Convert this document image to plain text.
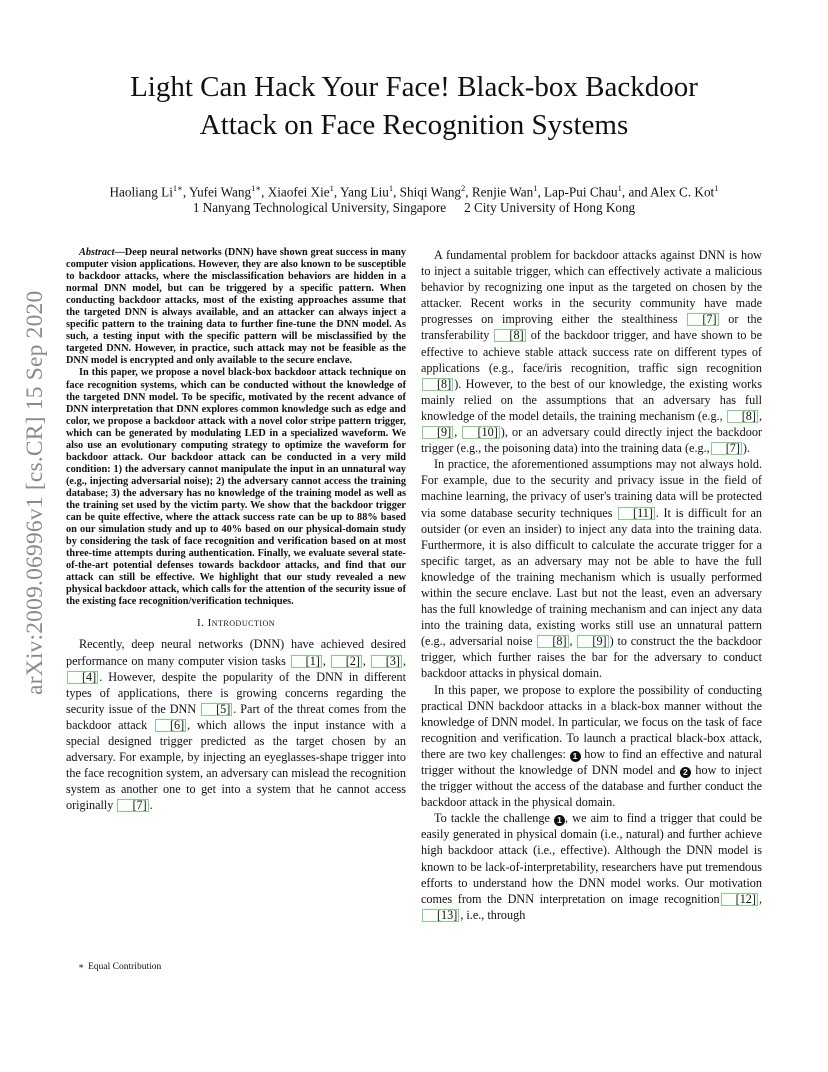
Light Can Hack Your Face! Black-box Backdoor
Attack on Face Recognition Systems
Haoliang $Li^{1∗}$, Yufei Wang$^{1∗}$, Xiaofei Xie$^1$, Yang Liu$^1$, Shiqi Wang$^2$, Renjie Wan$^1$, Lap-Pui Chau$^1$, and Alex C. Kot$^1$
1 Nanyang Technological University, Singapore 2 City University of Hong Kong
arXiv:2009.06996v1 [cs.CR] 15 Sep 2020

Abstract—Deep neural networks (DNN) have shown great success in many computer vision applications. However, they are also known to be susceptible to backdoor attacks, where the misclassification behaviors are hidden in a normal DNN model, but can be triggered by a specific pattern. When conducting backdoor attacks, most of the existing approaches assume that the targeted DNN is always available, and an attacker can always inject a specific pattern to the training data to further fine-tune the DNN model. As such, a testing input with the specific pattern will be misclassified by the targeted DNN. However, in practice, such attack may not be feasible as the DNN model is encrypted and only available to the secure enclave.

In this paper, we propose a novel black-box backdoor attack technique on face recognition systems, which can be conducted without the knowledge of the targeted DNN model. To be specific, motivated by the recent advance of DNN interpretation that DNN explores common knowledge such as edge and color, we propose a backdoor attack with a novel color stripe pattern trigger, which can be generated by modulating LED in a specialized waveform. We also use an evolutionary computing strategy to optimize the waveform for backdoor attack. Our backdoor attack can be conducted in a very mild condition: 1) the adversary cannot manipulate the input in an unnatural way (e.g., injecting adversarial noise); 2) the adversary cannot access the training database; 3) the adversary has no knowledge of the training model as well as the training set used by the victim party. We show that the backdoor trigger can be quite effective, where the attack success rate can be up to 88% based on our simulation study and up to 40% based on our physical-domain study by considering the task of face recognition and verification based on at most three-time attempts during authentication. Finally, we evaluate several state-of-the-art potential defenses towards backdoor attacks, and find that our attack can still be effective. We highlight that our study revealed a new physical backdoor attack, which calls for the attention of the security issue of the existing face recognition/verification techniques.

I. Introduction

Recently, deep neural networks (DNN) have achieved desired performance on many computer vision tasks [1] , [2] , [3] , [4] . However, despite the popularity of the DNN in different types of applications, there is growing concerns regarding the security issue of the DNN [5] . Part of the threat comes from the backdoor attack [6] , which allows the input instance with a special designed trigger predicted as the target chosen by an adversary. For example, by injecting an eyeglasses-shape trigger into the face recognition system, an adversary can mislead the recognition system as another one to get into a system that he cannot access originally [7] .

∗ Equal Contribution

A fundamental problem for backdoor attacks against DNN is how to inject a suitable trigger, which can effectively activate a malicious behavior by recognizing one input as the targeted on chosen by the attacker. Recent works in the security community have made progresses on improving either the stealthiness [7] or the transferability [8] of the backdoor trigger, and have shown to be effective to achieve stable attack success rate on different types of applications (e.g., face/iris recognition, traffic sign recognition [8] ). However, to the best of our knowledge, the existing works mainly relied on the assumptions that an adversary has full knowledge of the model details, the training mechanism (e.g., [8] , [9] , [10] ), or an adversary could directly inject the backdoor trigger (e.g., the poisoning data) into the training data (e.g., [7] ).

In practice, the aforementioned assumptions may not always hold. For example, due to the security and privacy issue in the field of machine learning, the privacy of user's training data will be protected via some database security techniques [11] . It is difficult for an outsider (or even an insider) to inject any data into the training data. Furthermore, it is also difficult to calculate the accurate trigger for a specific target, as an adversary may not be able to have the full knowledge of the training mechanism which is usually performed within the secure enclave. Last but not the least, even an adversary has the full knowledge of training mechanism and can inject any data into the training data, existing works still use an unnatural pattern (e.g., adversarial noise [8] , [9] ) to construct the the backdoor trigger, which further raises the bar for the adversary to conduct backdoor attacks in physical domain.

In this paper, we propose to explore the possibility of conducting practical DNN backdoor attacks in a black-box manner without the knowledge of DNN model. In particular, we focus on the task of face recognition and verification. To launch a practical black-box attack, there are two key challenges: 1 how to find an effective and natural trigger without the knowledge of DNN model and 2 how to inject the trigger without the access of the database and further conduct the backdoor attack in the physical domain.

To tackle the challenge 1 , we aim to find a trigger that could be easily generated in physical domain (i.e., natural) and further achieve high backdoor attack (i.e., effective). Although the DNN model is known to be lack-of-interpretability, researchers have put tremendous efforts to understand how the DNN model works. Our motivation comes from the DNN interpretation on image recognition [12] , [13] , i.e., through
